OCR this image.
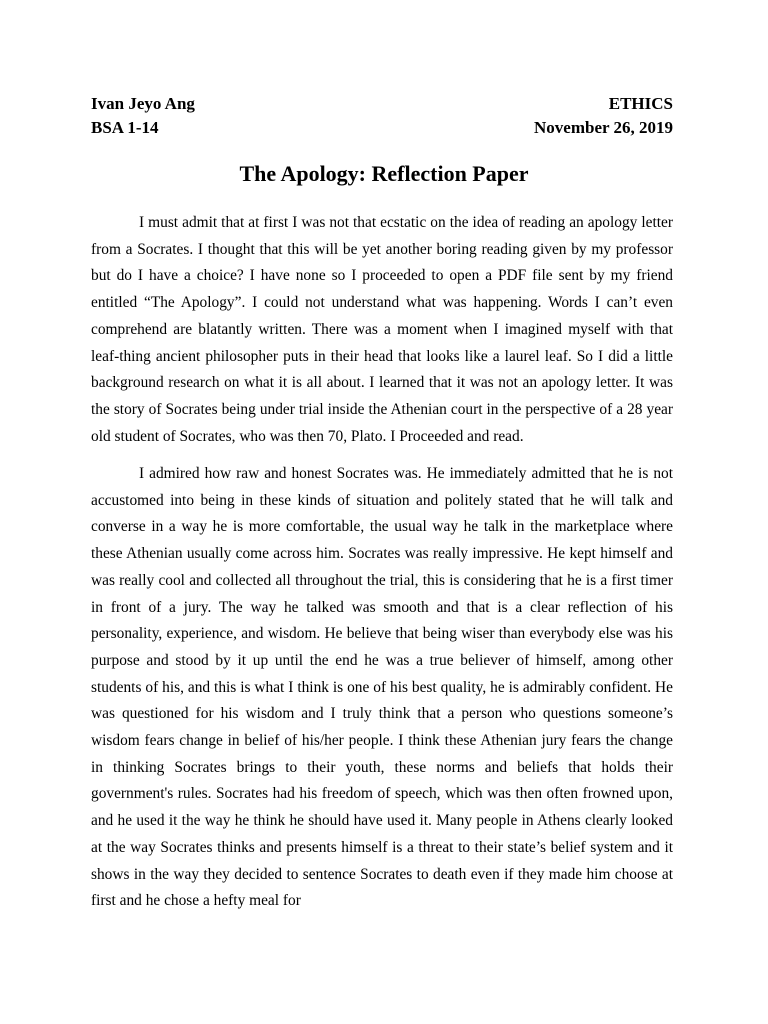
Ivan Jeyo Ang	ETHICS
BSA 1-14	November 26, 2019
The Apology: Reflection Paper

I must admit that at first I was not that ecstatic on the idea of reading an apology letter from a Socrates. I thought that this will be yet another boring reading given by my professor but do I have a choice? I have none so I proceeded to open a PDF file sent by my friend entitled “The Apology”. I could not understand what was happening. Words I can’t even comprehend are blatantly written. There was a moment when I imagined myself with that leaf-thing ancient philosopher puts in their head that looks like a laurel leaf. So I did a little background research on what it is all about. I learned that it was not an apology letter. It was the story of Socrates being under trial inside the Athenian court in the perspective of a 28 year old student of Socrates, who was then 70, Plato. I Proceeded and read.

I admired how raw and honest Socrates was. He immediately admitted that he is not accustomed into being in these kinds of situation and politely stated that he will talk and converse in a way he is more comfortable, the usual way he talk in the marketplace where these Athenian usually come across him. Socrates was really impressive. He kept himself and was really cool and collected all throughout the trial, this is considering that he is a first timer in front of a jury. The way he talked was smooth and that is a clear reflection of his personality, experience, and wisdom. He believe that being wiser than everybody else was his purpose and stood by it up until the end he was a true believer of himself, among other students of his, and this is what I think is one of his best quality, he is admirably confident. He was questioned for his wisdom and I truly think that a person who questions someone’s wisdom fears change in belief of his/her people. I think these Athenian jury fears the change in thinking Socrates brings to their youth, these norms and beliefs that holds their government's rules. Socrates had his freedom of speech, which was then often frowned upon, and he used it the way he think he should have used it. Many people in Athens clearly looked at the way Socrates thinks and presents himself is a threat to their state’s belief system and it shows in the way they decided to sentence Socrates to death even if they made him choose at first and he chose a hefty meal for
